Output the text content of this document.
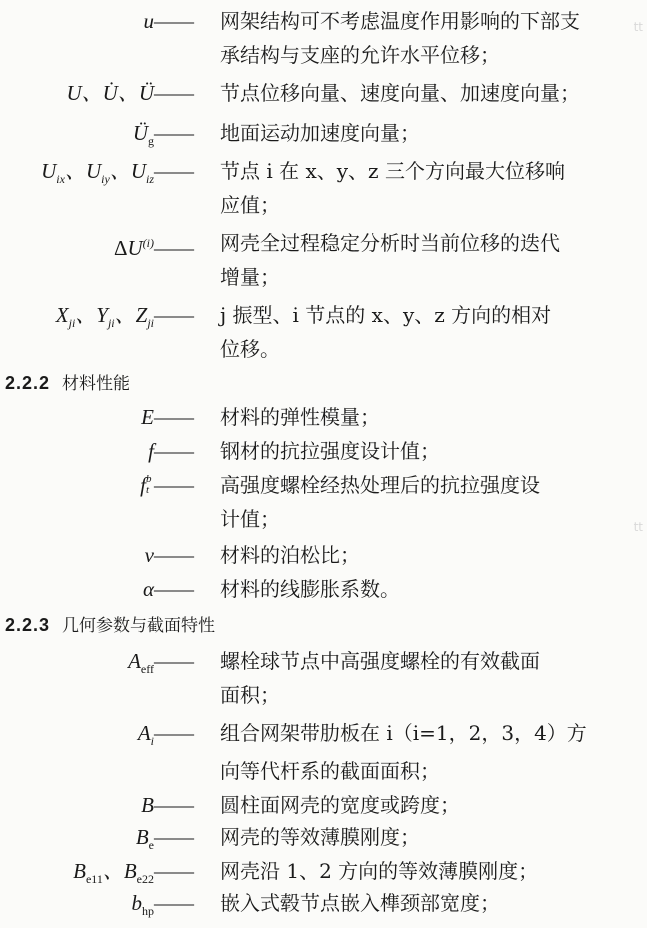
u—— 网架结构可不考虑温度作用影响的下部支
承结构与支座的允许水平位移；
U、U̇、Ü—— 节点位移向量、速度向量、加速度向量；
$Ü_g——$ 地面运动加速度向量；
$U_{ix}$、$U_{iy}$、$U_{iz}——$ 节点 i 在 x、y、z 三个方向最大位移响
应值；
ΔU$^{(i)}$—— 网壳全过程稳定分析时当前位移的迭代
增量；
$X_{ji}$、$Y_{ji}$、$Z_{ji}——$ j 振型、i 节点的 x、y、z 方向的相对
位移。
2.2.2 材料性能
E—— 材料的弹性模量；
f—— 钢材的抗拉强度设计值；
f b
t —— 高强度螺栓经热处理后的抗拉强度设
计值；
ν—— 材料的泊松比；
α—— 材料的线膨胀系数。
2.2.3 几何参数与截面特性
$A_{eff}——$ 螺栓球节点中高强度螺栓的有效截面
面积；
$A_i——$ 组合网架带肋板在 i（i=1，2，3，4）方
向等代杆系的截面面积；
B—— 圆柱面网壳的宽度或跨度；
$B_e——$ 网壳的等效薄膜刚度；
$B_{e11}$、$B_{e22}——$ 网壳沿 1、2 方向的等效薄膜刚度；
$b_{hp}——$ 嵌入式毂节点嵌入榫颈部宽度；
tt
tt
